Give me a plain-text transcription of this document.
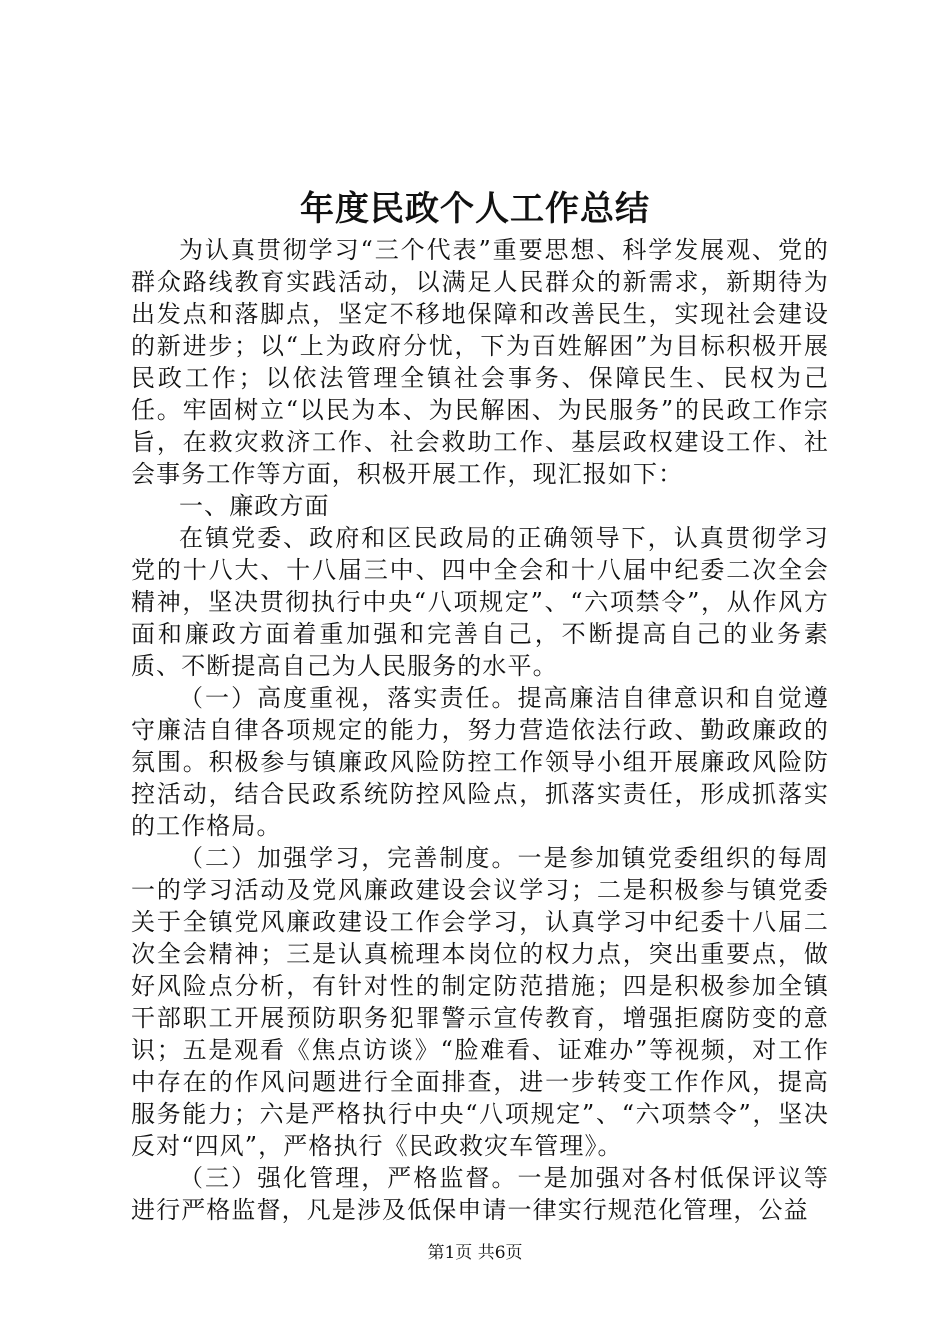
年度民政个人工作总结

为认真贯彻学习“三个代表”重要思想、科学发展观、党的群众路线教育实践活动，以满足人民群众的新需求，新期待为出发点和落脚点，坚定不移地保障和改善民生，实现社会建设的新进步；以“上为政府分忧，下为百姓解困”为目标积极开展民政工作；以依法管理全镇社会事务、保障民生、民权为己任。牢固树立“以民为本、为民解困、为民服务”的民政工作宗旨，在救灾救济工作、社会救助工作、基层政权建设工作、社会事务工作等方面，积极开展工作，现汇报如下：

一、廉政方面

在镇党委、政府和区民政局的正确领导下，认真贯彻学习党的十八大、十八届三中、四中全会和十八届中纪委二次全会精神，坚决贯彻执行中央“八项规定”、“六项禁令”，从作风方面和廉政方面着重加强和完善自己，不断提高自己的业务素质、不断提高自己为人民服务的水平。

（一）高度重视，落实责任。提高廉洁自律意识和自觉遵守廉洁自律各项规定的能力，努力营造依法行政、勤政廉政的氛围。积极参与镇廉政风险防控工作领导小组开展廉政风险防控活动，结合民政系统防控风险点，抓落实责任，形成抓落实的工作格局。

（二）加强学习，完善制度。一是参加镇党委组织的每周一的学习活动及党风廉政建设会议学习；二是积极参与镇党委关于全镇党风廉政建设工作会学习，认真学习中纪委十八届二次全会精神；三是认真梳理本岗位的权力点，突出重要点，做好风险点分析，有针对性的制定防范措施；四是积极参加全镇干部职工开展预防职务犯罪警示宣传教育，增强拒腐防变的意识；五是观看《焦点访谈》“脸难看、证难办”等视频，对工作中存在的作风问题进行全面排查，进一步转变工作作风，提高服务能力；六是严格执行中央“八项规定”、“六项禁令”，坚决反对“四风”，严格执行《民政救灾车管理》。

（三）强化管理，严格监督。一是加强对各村低保评议等进行严格监督，凡是涉及低保申请一律实行规范化管理，公益

第1页 共6页
